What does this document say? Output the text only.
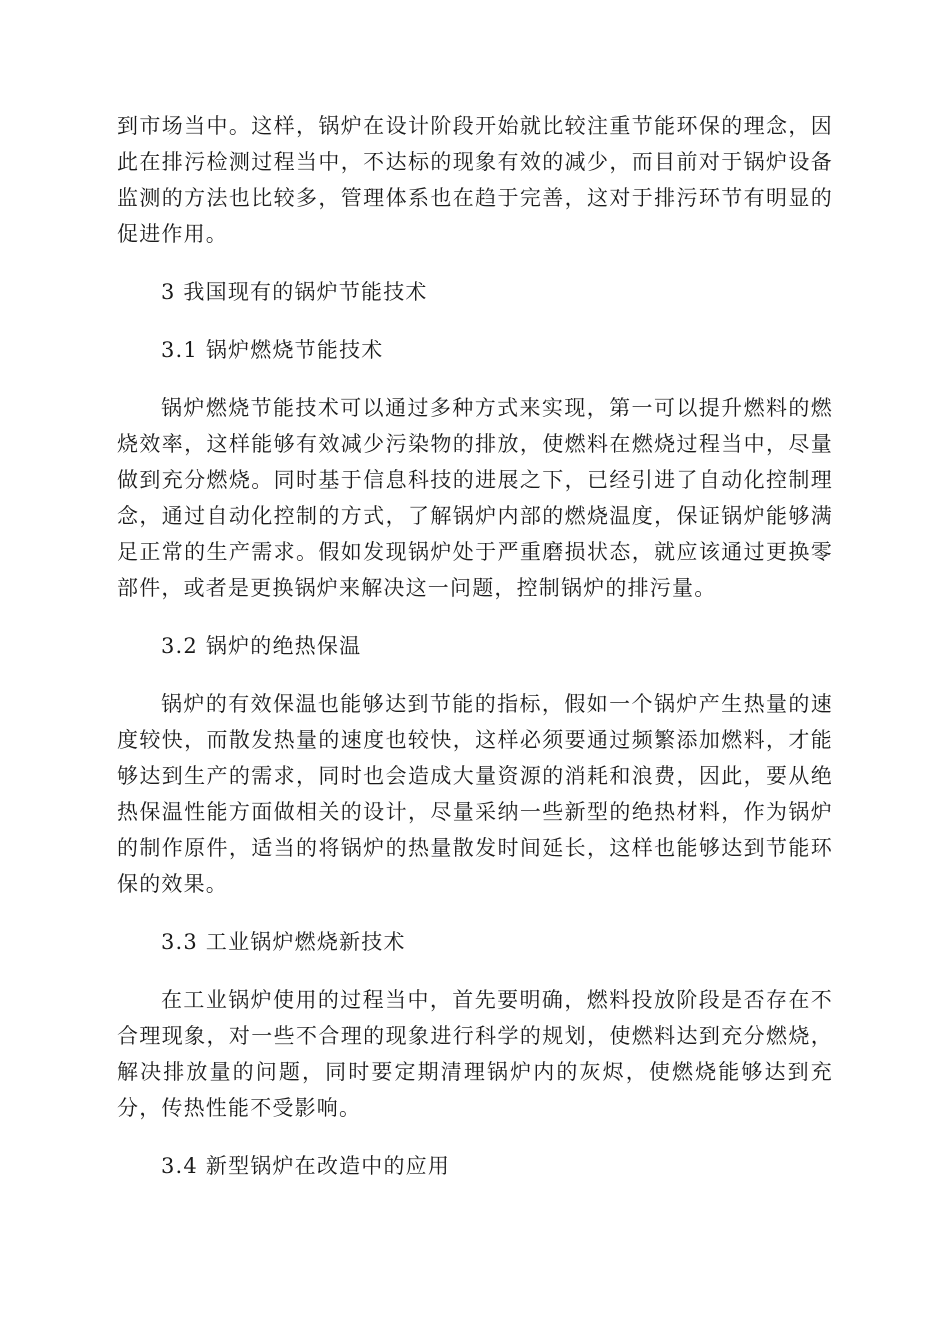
到市场当中。这样，锅炉在设计阶段开始就比较注重节能环保的理念，因此在排污检测过程当中，不达标的现象有效的减少，而目前对于锅炉设备监测的方法也比较多，管理体系也在趋于完善，这对于排污环节有明显的促进作用。

3 我国现有的锅炉节能技术

3.1 锅炉燃烧节能技术

锅炉燃烧节能技术可以通过多种方式来实现，第一可以提升燃料的燃烧效率，这样能够有效减少污染物的排放，使燃料在燃烧过程当中，尽量做到充分燃烧。同时基于信息科技的进展之下，已经引进了自动化控制理念，通过自动化控制的方式，了解锅炉内部的燃烧温度，保证锅炉能够满足正常的生产需求。假如发现锅炉处于严重磨损状态，就应该通过更换零部件，或者是更换锅炉来解决这一问题，控制锅炉的排污量。

3.2 锅炉的绝热保温

锅炉的有效保温也能够达到节能的指标，假如一个锅炉产生热量的速度较快，而散发热量的速度也较快，这样必须要通过频繁添加燃料，才能够达到生产的需求，同时也会造成大量资源的消耗和浪费，因此，要从绝热保温性能方面做相关的设计，尽量采纳一些新型的绝热材料，作为锅炉的制作原件，适当的将锅炉的热量散发时间延长，这样也能够达到节能环保的效果。

3.3 工业锅炉燃烧新技术

在工业锅炉使用的过程当中，首先要明确，燃料投放阶段是否存在不合理现象，对一些不合理的现象进行科学的规划，使燃料达到充分燃烧，解决排放量的问题，同时要定期清理锅炉内的灰烬，使燃烧能够达到充分，传热性能不受影响。

3.4 新型锅炉在改造中的应用
